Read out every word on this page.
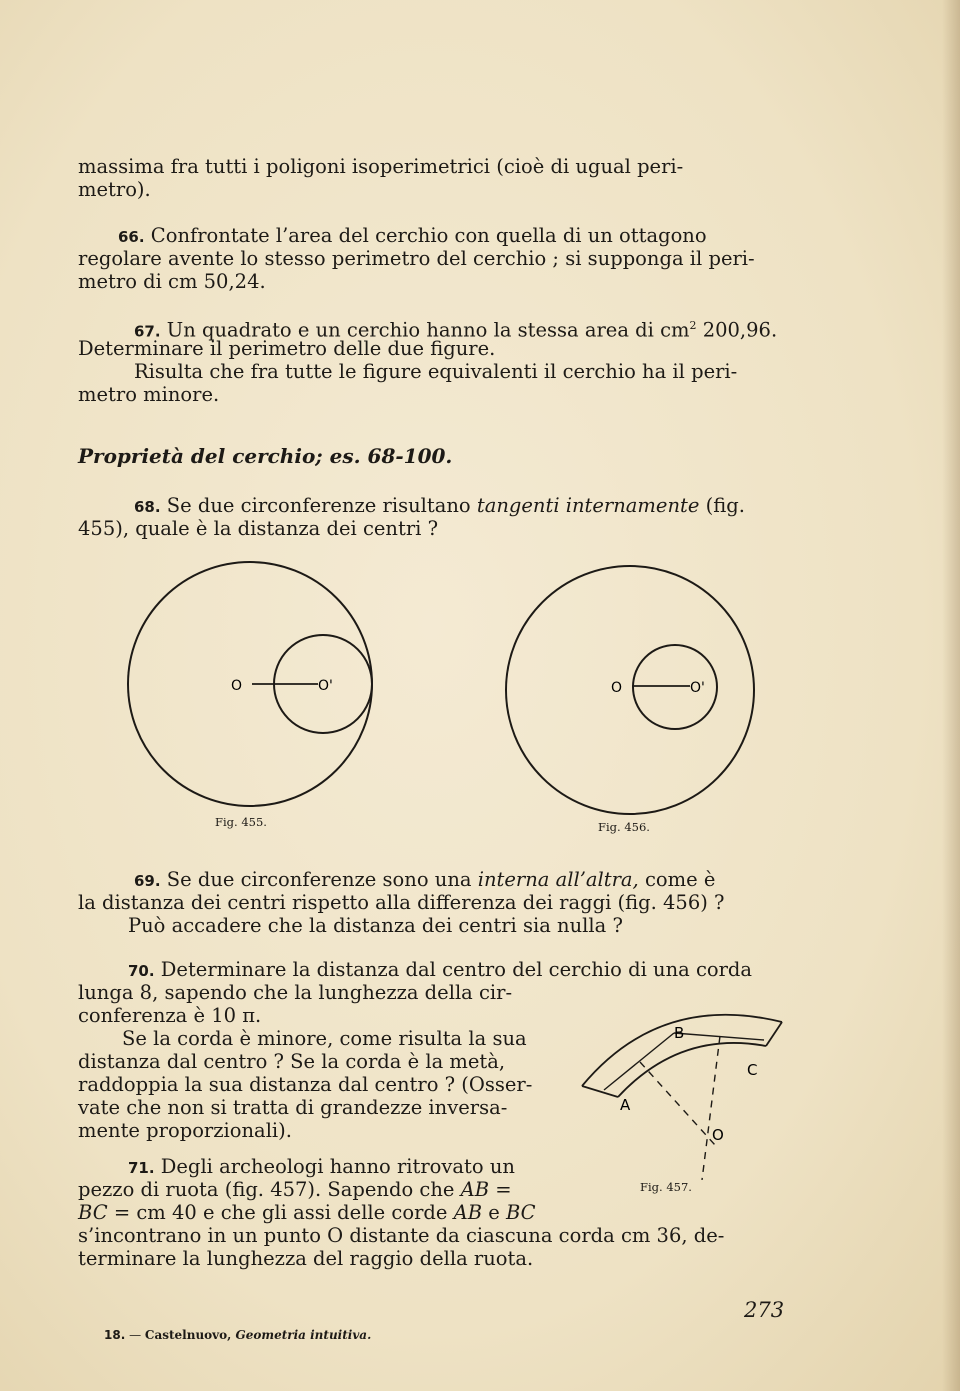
massima fra tutti i poligoni isoperimetrici (cioè di ugual peri-

metro).

66. Confrontate l’area del cerchio con quella di un ottagono

regolare avente lo stesso perimetro del cerchio ; si supponga il peri-

metro di cm 50,24.

67. Un quadrato e un cerchio hanno la stessa area di $cm^2$ 200,96.

Determinare il perimetro delle due figure.

Risulta che fra tutte le figure equivalenti il cerchio ha il peri-

metro minore.

Proprietà del cerchio; es. 68-100.

68. Se due circonferenze risultano tangenti internamente (fig.

455), quale è la distanza dei centri ?

O	O'	O	O'
Fig. 455.	Fig. 456.

69. Se due circonferenze sono una interna all’altra, come è

la distanza dei centri rispetto alla differenza dei raggi (fig. 456) ?

Può accadere che la distanza dei centri sia nulla ?

70. Determinare la distanza dal centro del cerchio di una corda

lunga 8, sapendo che la lunghezza della cir-

conferenza è 10 π.

Se la corda è minore, come risulta la sua

distanza dal centro ? Se la corda è la metà,

raddoppia la sua distanza dal centro ? (Osser-

vate che non si tratta di grandezze inversa-

mente proporzionali).

B
C
A
O
Fig. 457.

71. Degli archeologi hanno ritrovato un

pezzo di ruota (fig. 457). Sapendo che AB =

BC = cm 40 e che gli assi delle corde AB e BC

s’incontrano in un punto O distante da ciascuna corda cm 36, de-

terminare la lunghezza del raggio della ruota.

273
18. — Castelnuovo, Geometria intuitiva.
